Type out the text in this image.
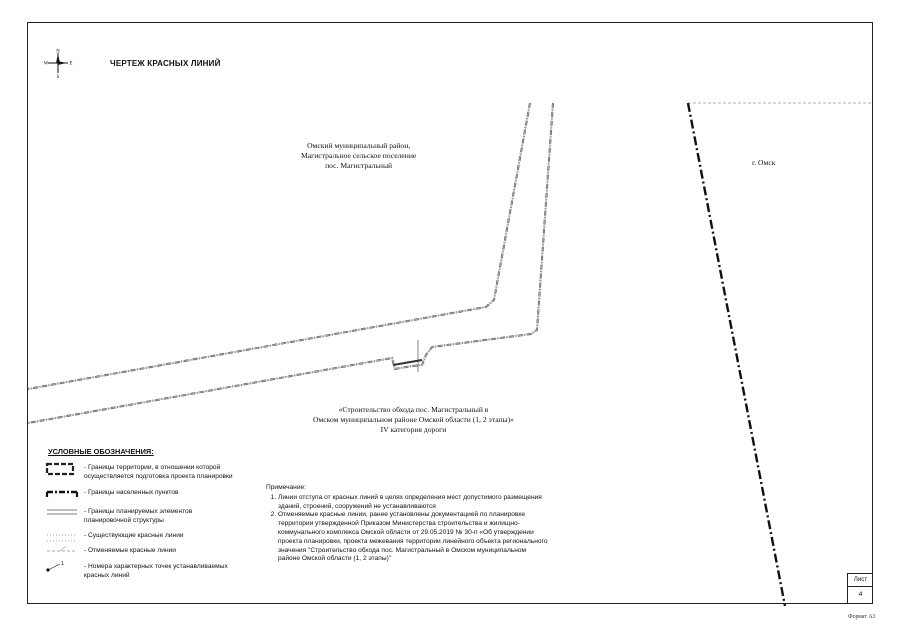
1
N
S
W	E	ЧЕРТЕЖ КРАСНЫХ ЛИНИЙ
Омский муниципальный район,
Магистральное сельское поселение
пос. Магистральный	г. Омск
«Строительство обхода пос. Магистральный в
Омском муниципальном районе Омской области (1, 2 этапы)»
IV категория дороги
УСЛОВНЫЕ ОБОЗНАЧЕНИЯ:
- Границы территории, в отношении которой
осуществляется подготовка проекта планировки
- Границы населенных пунктов
- Границы планируемых элементов
планировочной структуры
- Существующие красные линии
- Отменяемые красные линии
- Номера характерных точек устанавливаемых
красных линий
Примечание:
1. Линии отступа от красных линий в целях определения мест допустимого размещения
зданий, строений, сооружений не устанавливаются
2. Отменяемые красные линии, ранее установлены документацией по планировке
территории утвержденной Приказом Министерства строительства и жилищно-
коммунального комплекса Омской области от 29.05.2019 № 30-п «Об утверждении
проекта планировки, проекта межевания территории линейного объекта регионального
значения "Строительство обхода пос. Магистральный в Омском муниципальном
районе Омской области (1, 2 этапы)"
Лист
4
Формат А3
